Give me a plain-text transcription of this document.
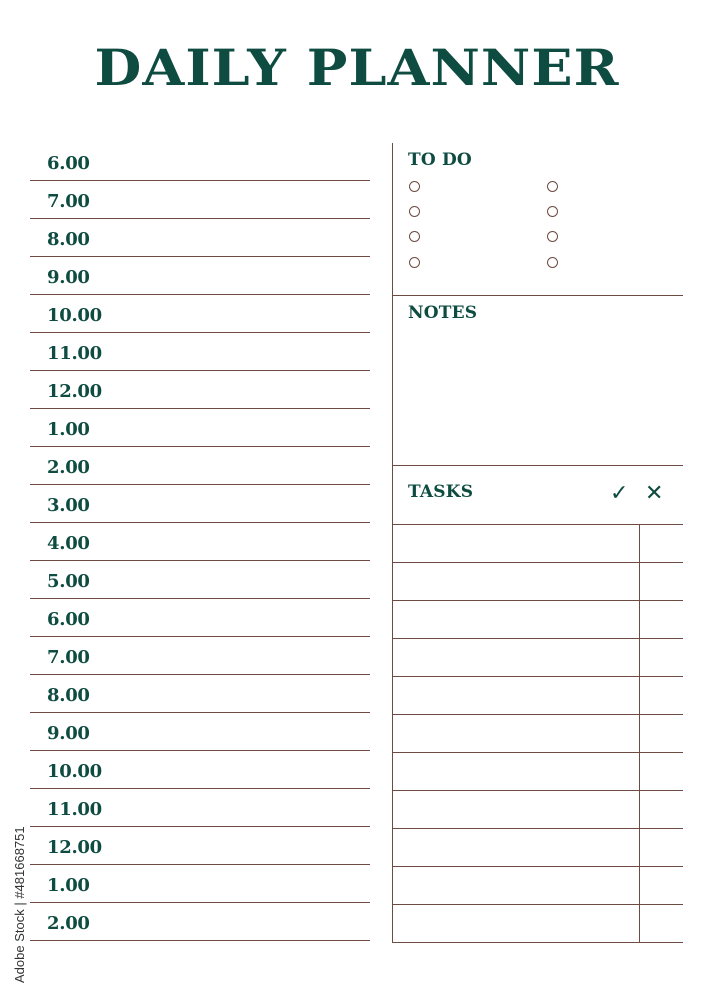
DAILY PLANNER
6.00
7.00
8.00
9.00
10.00
11.00
12.00
1.00
2.00
3.00
4.00
5.00
6.00
7.00
8.00
9.00
10.00
11.00
12.00
1.00
2.00
TO DO
NOTES
TASKS	✓ ✕
Adobe Stock | #481668751
